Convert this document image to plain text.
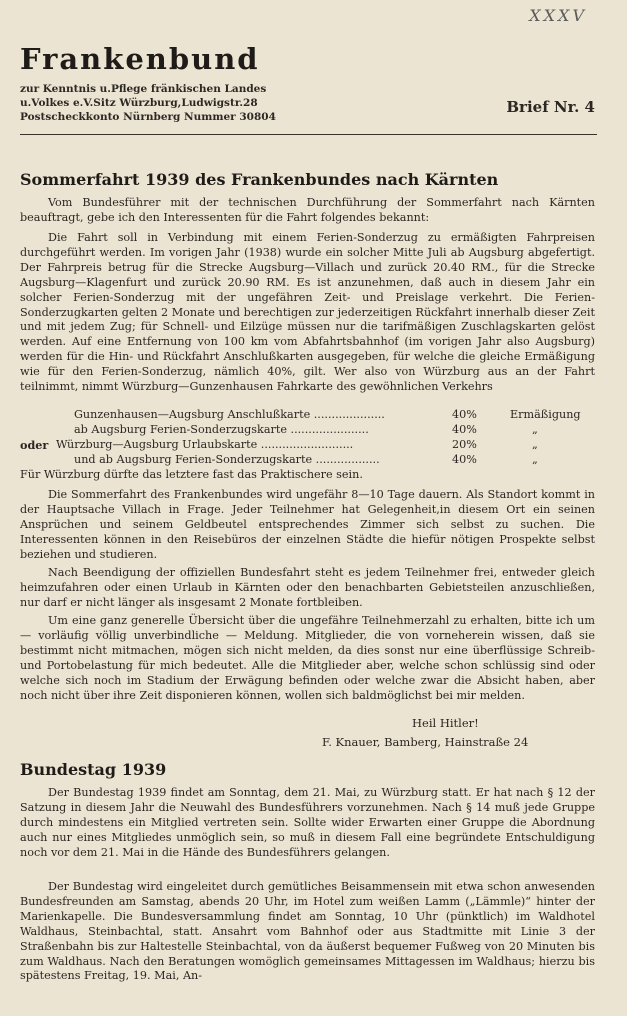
XXXV
Frankenbund
zur Kenntnis u.Pflege fränkischen Landes
u.Volkes e.V.Sitz Würzburg,Ludwigstr.28
Postscheckkonto Nürnberg Nummer 30804
Brief Nr. 4
Sommerfahrt 1939 des Frankenbundes nach Kärnten

Vom Bundesführer mit der technischen Durchführung der Sommerfahrt nach Kärnten beauftragt, gebe ich den Interessenten für die Fahrt folgendes bekannt:

Die Fahrt soll in Verbindung mit einem Ferien-Sonderzug zu ermäßigten Fahrpreisen durchgeführt werden. Im vorigen Jahr (1938) wurde ein solcher Mitte Juli ab Augsburg abgefertigt. Der Fahrpreis betrug für die Strecke Augsburg—Villach und zurück 20.40 RM., für die Strecke Augsburg—Klagenfurt und zurück 20.90 RM. Es ist anzunehmen, daß auch in diesem Jahr ein solcher Ferien-Sonderzug mit der ungefähren Zeit- und Preislage verkehrt. Die Ferien-Sonderzugkarten gelten 2 Monate und berechtigen zur jederzeitigen Rückfahrt innerhalb dieser Zeit und mit jedem Zug; für Schnell- und Eilzüge müssen nur die tarifmäßigen Zuschlagskarten gelöst werden. Auf eine Entfernung von 100 km vom Abfahrtsbahnhof (im vorigen Jahr also Augsburg) werden für die Hin- und Rückfahrt Anschlußkarten ausgegeben, für welche die gleiche Ermäßigung wie für den Ferien-Sonderzug, nämlich 40%, gilt. Wer also von Würzburg aus an der Fahrt teilnimmt, nimmt Würzburg—Gunzenhausen Fahrkarte des gewöhnlichen Verkehrs

Gunzenhausen—Augsburg Anschlußkarte ....................	40%	Ermäßigung
ab Augsburg Ferien-Sonderzugskarte ......................	40%	„
oder Würzburg—Augsburg Urlaubskarte ..........................	20%	„
und ab Augsburg Ferien-Sonderzugskarte ..................	40%	„

Für Würzburg dürfte das letztere fast das Praktischere sein.

Die Sommerfahrt des Frankenbundes wird ungefähr 8—10 Tage dauern. Als Standort kommt in der Hauptsache Villach in Frage. Jeder Teilnehmer hat Gelegenheit,in diesem Ort ein seinen Ansprüchen und seinem Geldbeutel entsprechendes Zimmer sich selbst zu suchen. Die Interessenten können in den Reisebüros der einzelnen Städte die hiefür nötigen Prospekte selbst beziehen und studieren.

Nach Beendigung der offiziellen Bundesfahrt steht es jedem Teilnehmer frei, entweder gleich heimzufahren oder einen Urlaub in Kärnten oder den benachbarten Gebietsteilen anzuschließen, nur darf er nicht länger als insgesamt 2 Monate fortbleiben.

Um eine ganz generelle Übersicht über die ungefähre Teilnehmerzahl zu erhalten, bitte ich um — vorläufig völlig unverbindliche — Meldung. Mitglieder, die von vorneherein wissen, daß sie bestimmt nicht mitmachen, mögen sich nicht melden, da dies sonst nur eine überflüssige Schreib- und Portobelastung für mich bedeutet. Alle die Mitglieder aber, welche schon schlüssig sind oder welche sich noch im Stadium der Erwägung befinden oder welche zwar die Absicht haben, aber noch nicht über ihre Zeit disponieren können, wollen sich baldmöglichst bei mir melden.

Heil Hitler!
F. Knauer, Bamberg, Hainstraße 24
Bundestag 1939

Der Bundestag 1939 findet am Sonntag, dem 21. Mai, zu Würzburg statt. Er hat nach § 12 der Satzung in diesem Jahr die Neuwahl des Bundesführers vorzunehmen. Nach § 14 muß jede Gruppe durch mindestens ein Mitglied vertreten sein. Sollte wider Erwarten einer Gruppe die Abordnung auch nur eines Mitgliedes unmöglich sein, so muß in diesem Fall eine begründete Entschuldigung noch vor dem 21. Mai in die Hände des Bundesführers gelangen.

Der Bundestag wird eingeleitet durch gemütliches Beisammensein mit etwa schon anwesenden Bundesfreunden am Samstag, abends 20 Uhr, im Hotel zum weißen Lamm („Lämmle)“ hinter der Marienkapelle. Die Bundesversammlung findet am Sonntag, 10 Uhr (pünktlich) im Waldhotel Waldhaus, Steinbachtal, statt. Ansahrt vom Bahnhof oder aus Stadtmitte mit Linie 3 der Straßenbahn bis zur Haltestelle Steinbachtal, von da äußerst bequemer Fußweg von 20 Minuten bis zum Waldhaus. Nach den Beratungen womöglich gemeinsames Mittagessen im Waldhaus; hierzu bis spätestens Freitag, 19. Mai, An-
